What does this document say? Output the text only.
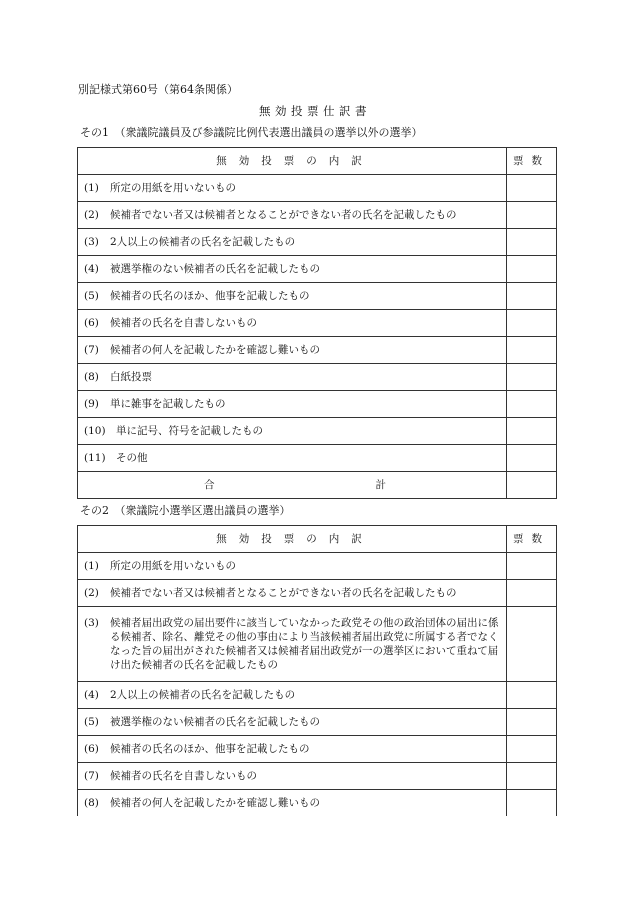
別記様式第60号（第64条関係）
無効投票仕訳書
その1　（衆議院議員及び参議院比例代表選出議員の選挙以外の選挙）
無効投票の内訳	票数

(1) 所定の用紙を用いないもの	

(2) 候補者でない者又は候補者となることができない者の氏名を記載したもの	

(3) 2人以上の候補者の氏名を記載したもの	

(4) 被選挙権のない候補者の氏名を記載したもの	

(5) 候補者の氏名のほか、他事を記載したもの	

(6) 候補者の氏名を自書しないもの	

(7) 候補者の何人を記載したかを確認し難いもの	

(8) 白紙投票	

(9) 単に雑事を記載したもの	

(10) 単に記号、符号を記載したもの	

(11) その他	

合 計	

その2　（衆議院小選挙区選出議員の選挙）
無効投票の内訳	票数

(1) 所定の用紙を用いないもの	

(2) 候補者でない者又は候補者となることができない者の氏名を記載したもの	

(3) 候補者届出政党の届出要件に該当していなかった政党その他の政治団体の届出に係る候補者、除名、離党その他の事由により当該候補者届出政党に所属する者でなくなった旨の届出がされた候補者又は候補者届出政党が一の選挙区において重ねて届け出た候補者の氏名を記載したもの	

(4) 2人以上の候補者の氏名を記載したもの	

(5) 被選挙権のない候補者の氏名を記載したもの	

(6) 候補者の氏名のほか、他事を記載したもの	

(7) 候補者の氏名を自書しないもの	

(8) 候補者の何人を記載したかを確認し難いもの	
